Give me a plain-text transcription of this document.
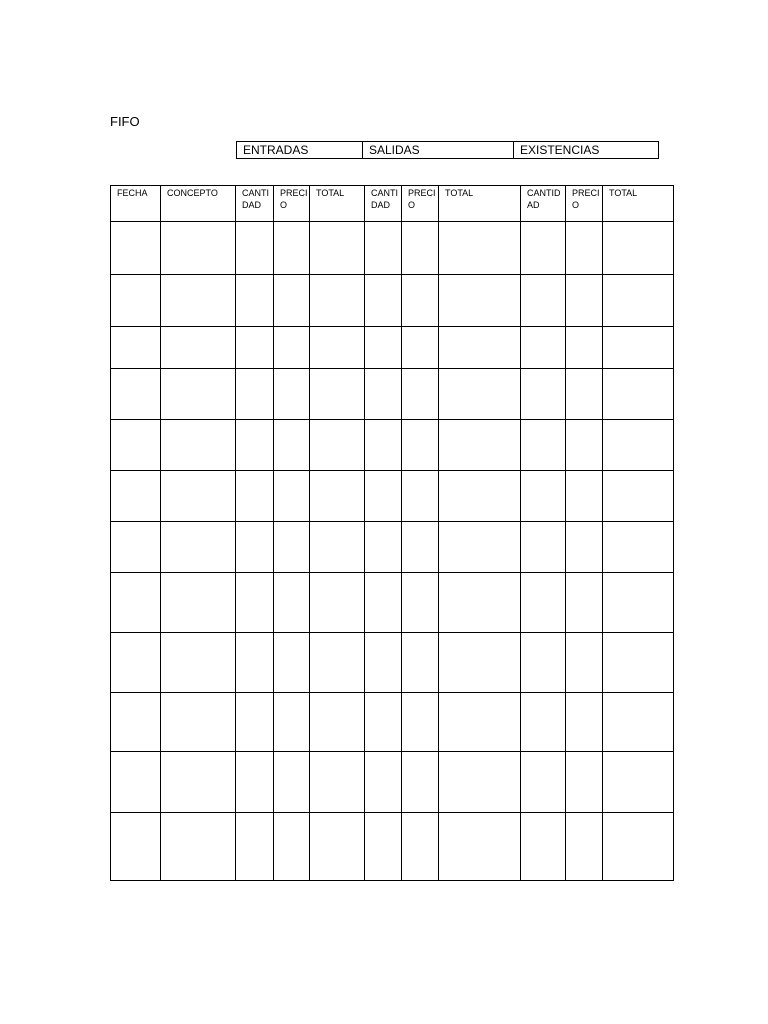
FIFO
ENTRADAS	SALIDAS	EXISTENCIAS
FECHA	CONCEPTO	CANTIDAD	PRECIO	TOTAL	CANTIDAD	PRECIO	TOTAL	CANTIDAD	PRECIO	TOTAL
